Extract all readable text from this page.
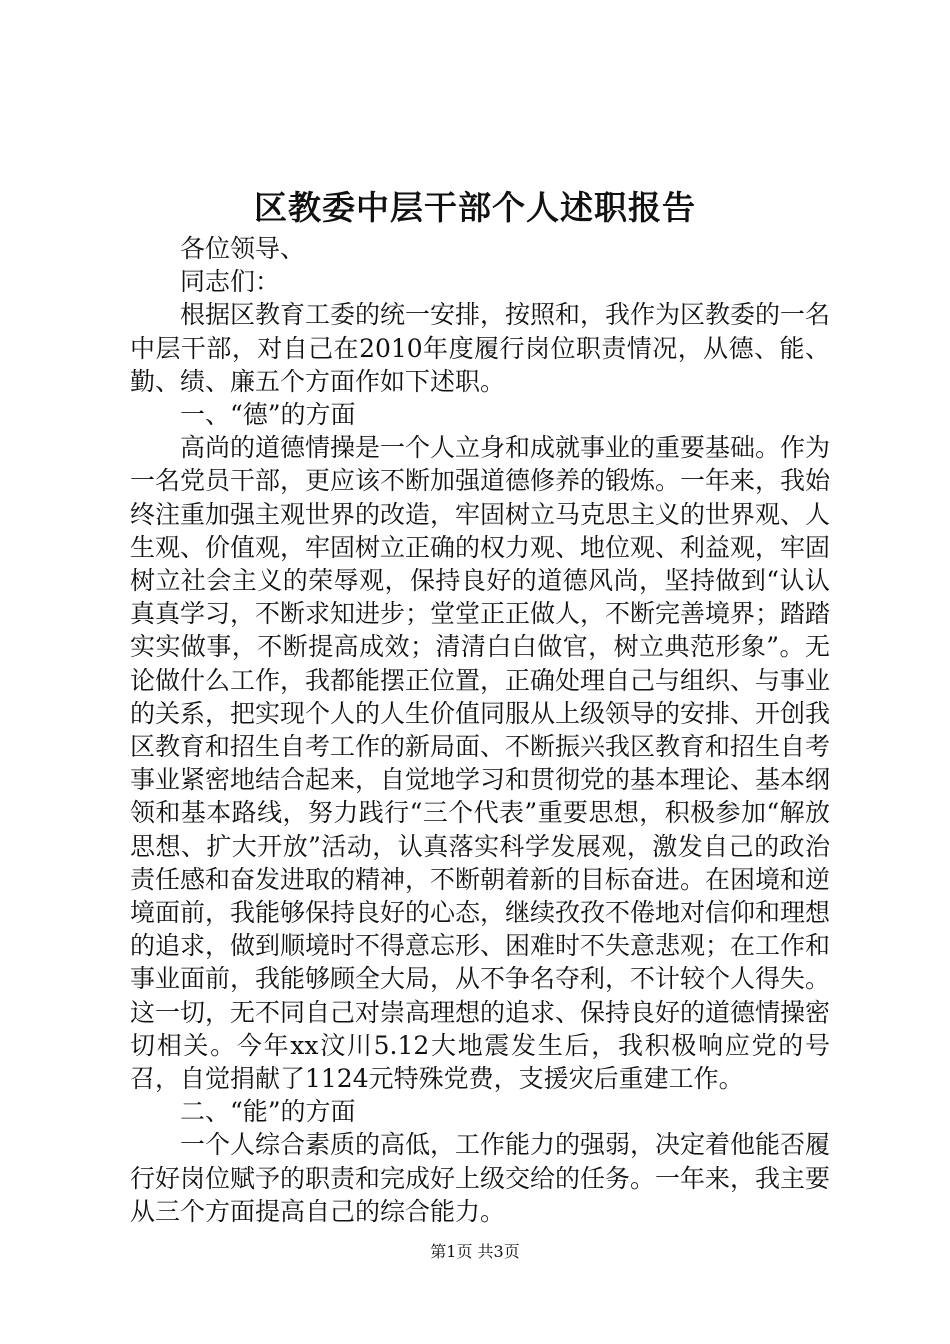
区教委中层干部个人述职报告

各位领导、

同志们：

根据区教育工委的统一安排，按照和，我作为区教委的一名中层干部，对自己在2010年度履行岗位职责情况，从德、能、勤、绩、廉五个方面作如下述职。

一、“德”的方面

高尚的道德情操是一个人立身和成就事业的重要基础。作为一名党员干部，更应该不断加强道德修养的锻炼。一年来，我始终注重加强主观世界的改造，牢固树立马克思主义的世界观、人生观、价值观，牢固树立正确的权力观、地位观、利益观，牢固树立社会主义的荣辱观，保持良好的道德风尚，坚持做到“认认真真学习，不断求知进步；堂堂正正做人，不断完善境界；踏踏实实做事，不断提高成效；清清白白做官，树立典范形象”。无论做什么工作，我都能摆正位置，正确处理自己与组织、与事业的关系，把实现个人的人生价值同服从上级领导的安排、开创我区教育和招生自考工作的新局面、不断振兴我区教育和招生自考事业紧密地结合起来，自觉地学习和贯彻党的基本理论、基本纲领和基本路线，努力践行“三个代表”重要思想，积极参加“解放思想、扩大开放”活动，认真落实科学发展观，激发自己的政治责任感和奋发进取的精神，不断朝着新的目标奋进。在困境和逆境面前，我能够保持良好的心态，继续孜孜不倦地对信仰和理想的追求，做到顺境时不得意忘形、困难时不失意悲观；在工作和事业面前，我能够顾全大局，从不争名夺利，不计较个人得失。这一切，无不同自己对崇高理想的追求、保持良好的道德情操密切相关。今年xx汶川5.12大地震发生后，我积极响应党的号召，自觉捐献了1124元特殊党费，支援灾后重建工作。

二、“能”的方面

一个人综合素质的高低，工作能力的强弱，决定着他能否履行好岗位赋予的职责和完成好上级交给的任务。一年来，我主要从三个方面提高自己的综合能力。

第1页 共3页
